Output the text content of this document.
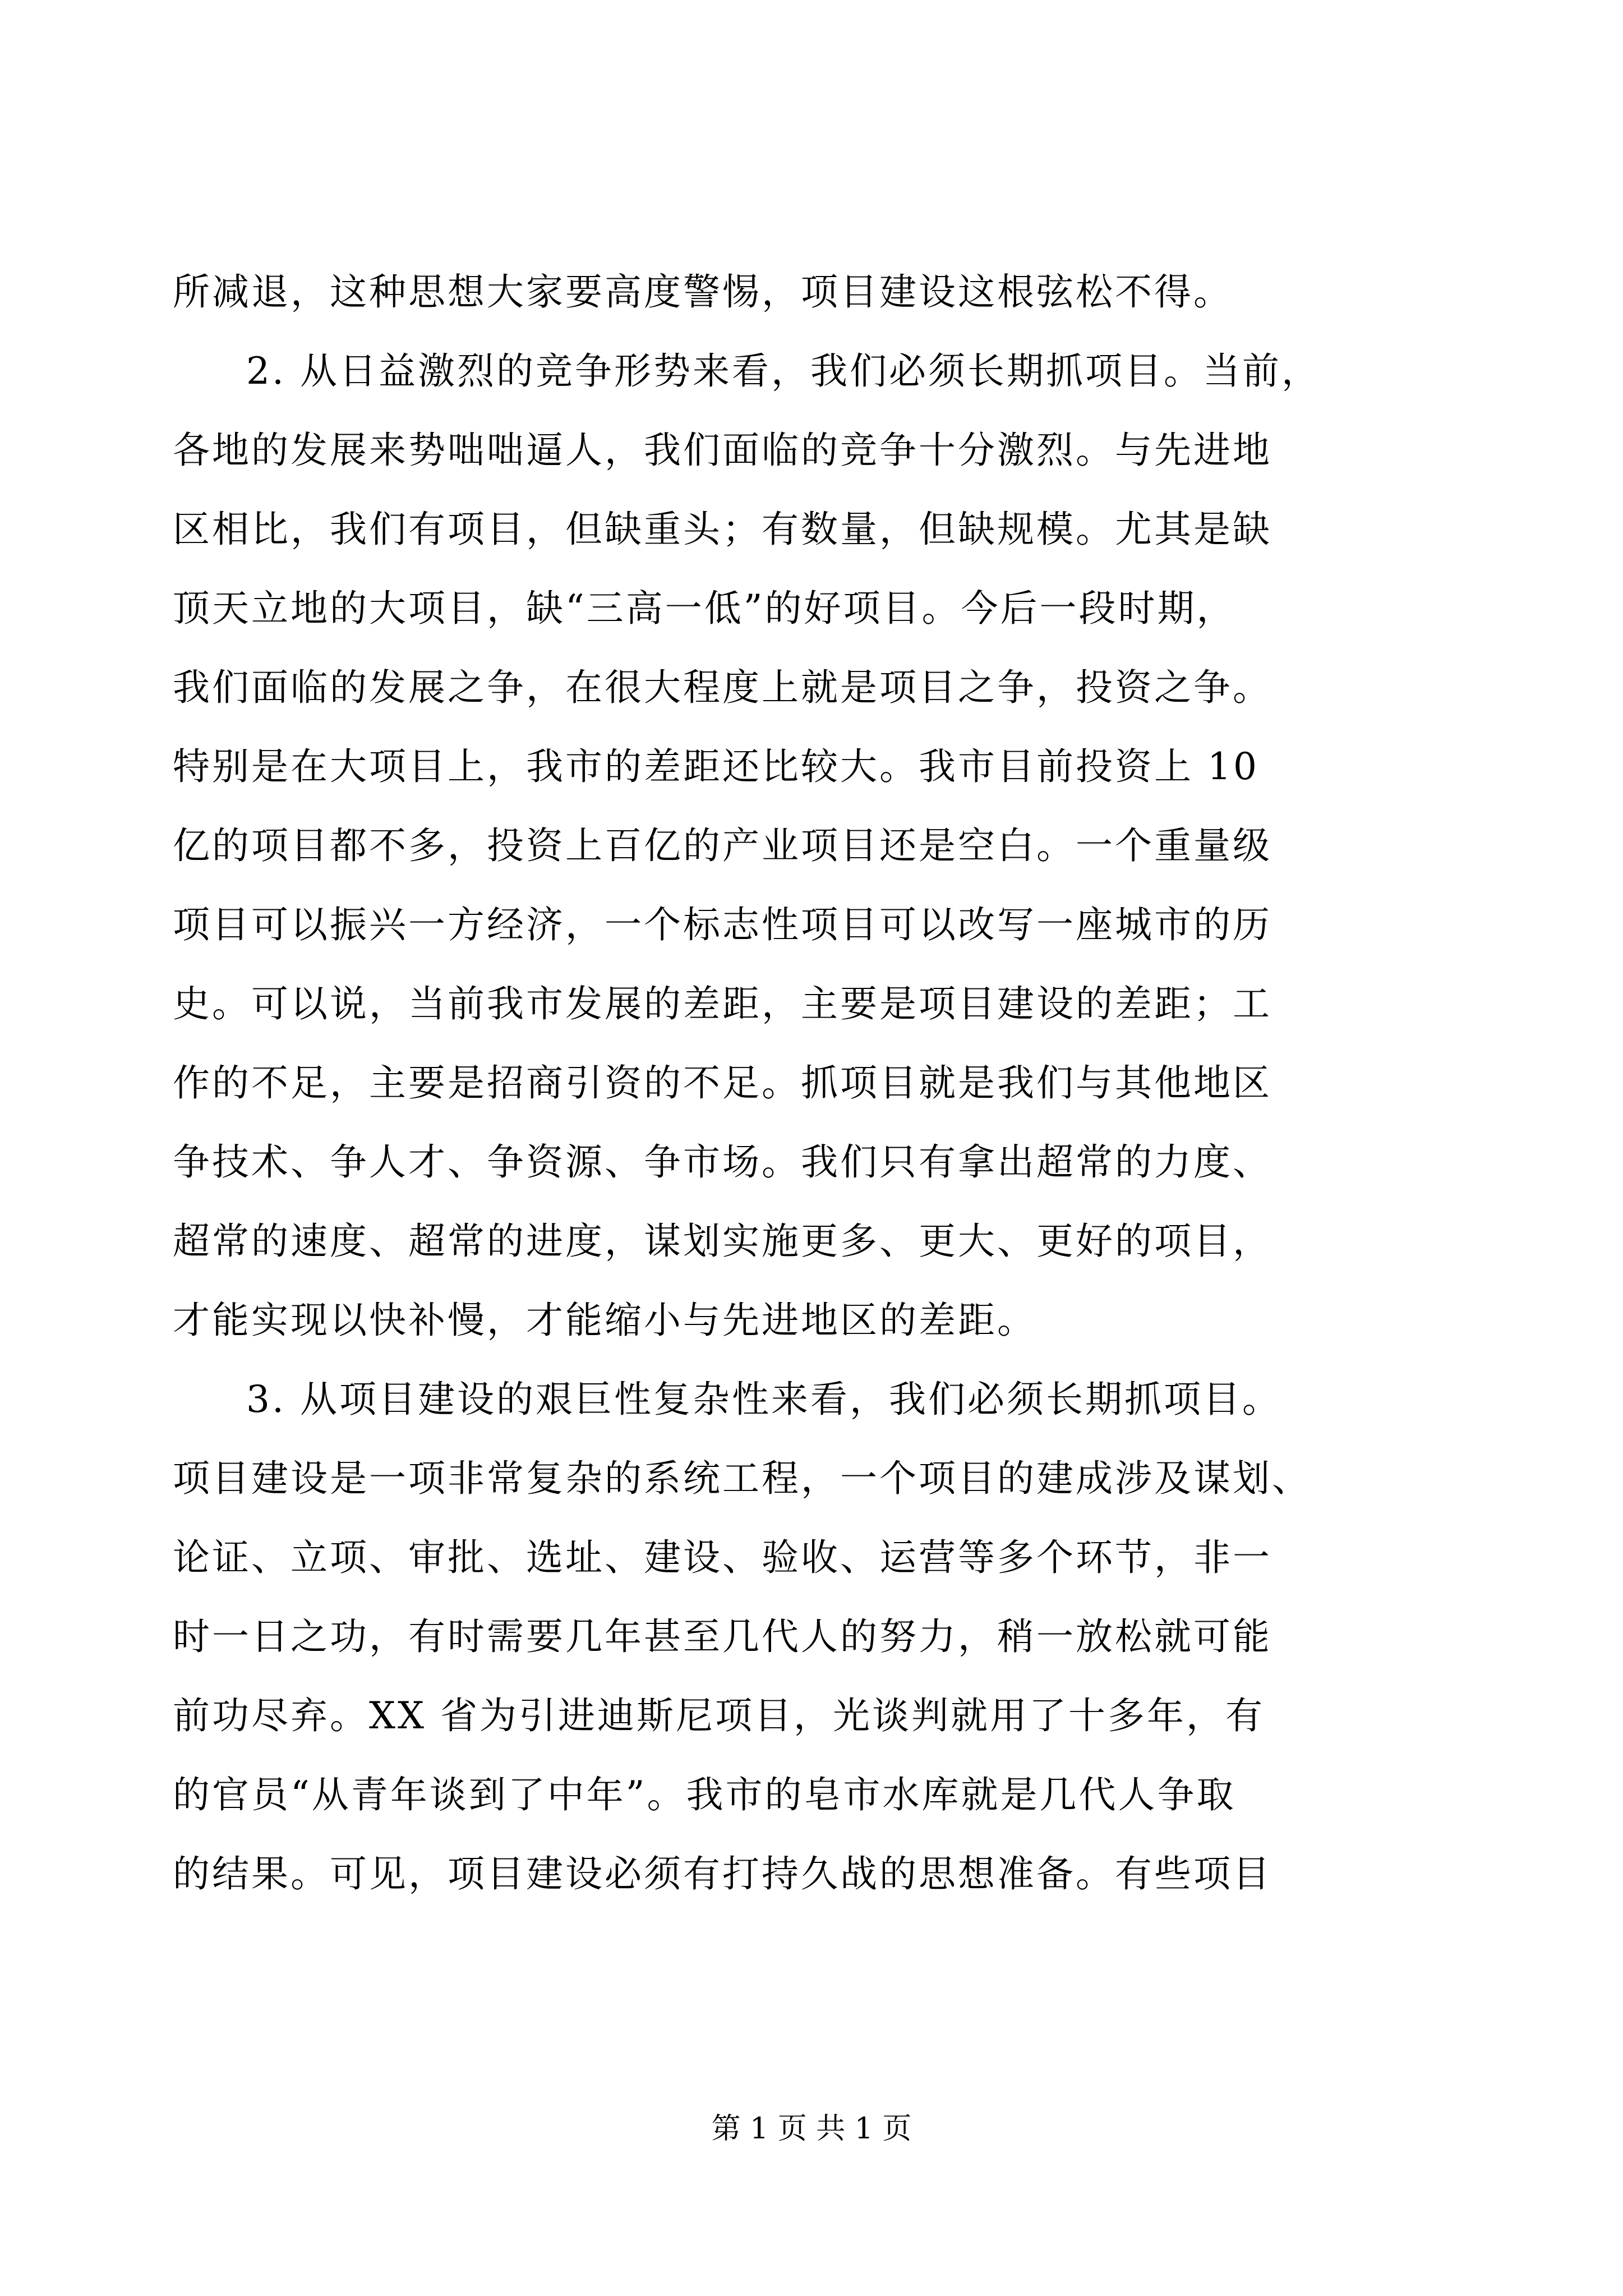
所减退，这种思想大家要高度警惕，项目建设这根弦松不得。
2. 从日益激烈的竞争形势来看，我们必须长期抓项目。当前，
各地的发展来势咄咄逼人，我们面临的竞争十分激烈。与先进地
区相比，我们有项目，但缺重头；有数量，但缺规模。尤其是缺
顶天立地的大项目，缺“三高一低”的好项目。今后一段时期，
我们面临的发展之争，在很大程度上就是项目之争，投资之争。
特别是在大项目上，我市的差距还比较大。我市目前投资上 10
亿的项目都不多，投资上百亿的产业项目还是空白。一个重量级
项目可以振兴一方经济，一个标志性项目可以改写一座城市的历
史。可以说，当前我市发展的差距，主要是项目建设的差距；工
作的不足，主要是招商引资的不足。抓项目就是我们与其他地区
争技术、争人才、争资源、争市场。我们只有拿出超常的力度、
超常的速度、超常的进度，谋划实施更多、更大、更好的项目，
才能实现以快补慢，才能缩小与先进地区的差距。
3. 从项目建设的艰巨性复杂性来看，我们必须长期抓项目。
项目建设是一项非常复杂的系统工程，一个项目的建成涉及谋划、
论证、立项、审批、选址、建设、验收、运营等多个环节，非一
时一日之功，有时需要几年甚至几代人的努力，稍一放松就可能
前功尽弃。XX 省为引进迪斯尼项目，光谈判就用了十多年，有
的官员“从青年谈到了中年”。我市的皂市水库就是几代人争取
的结果。可见，项目建设必须有打持久战的思想准备。有些项目
第 1 页 共 1 页
